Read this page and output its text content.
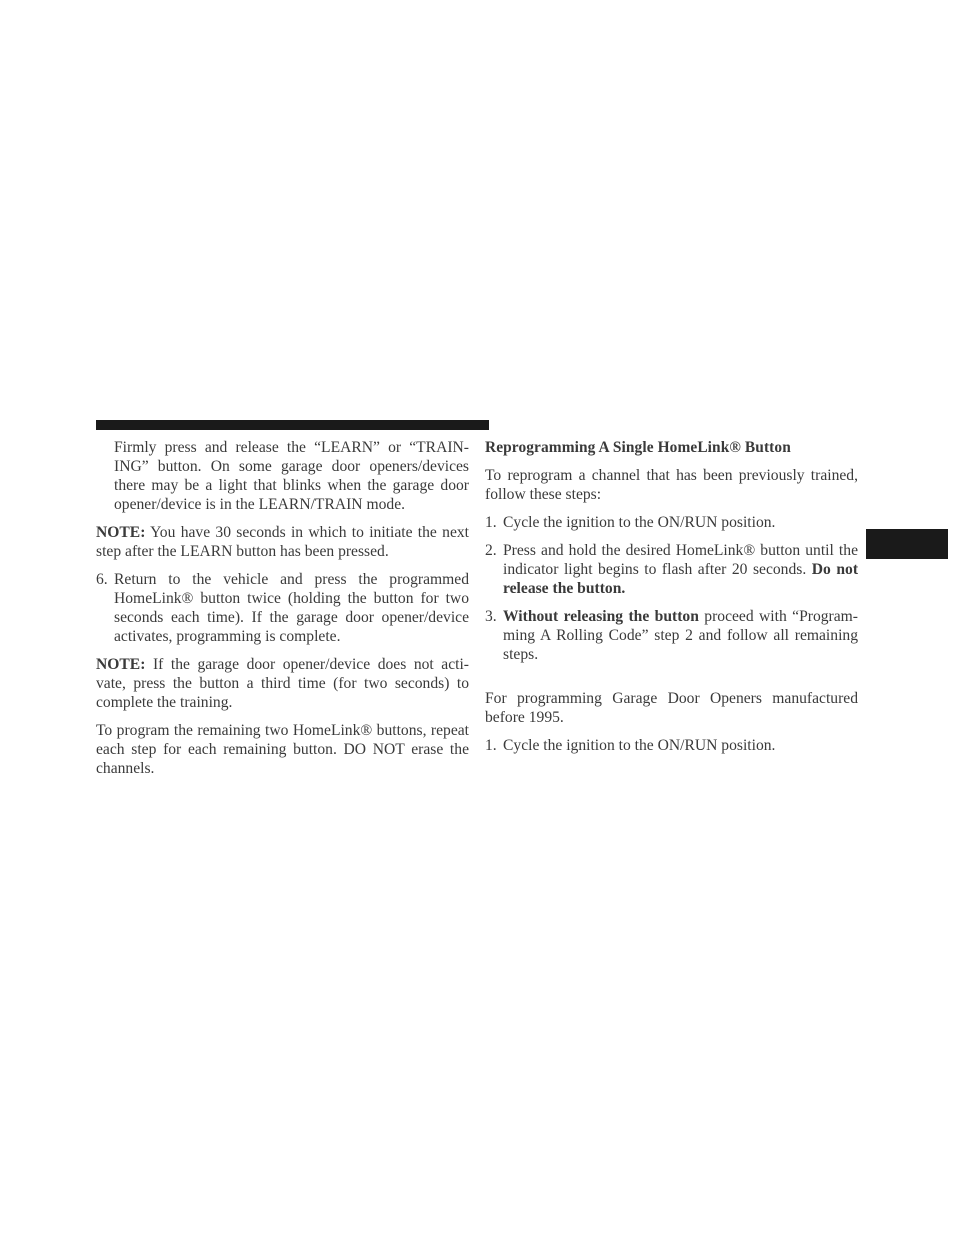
Firmly press and release the “LEARN” or “TRAIN-ING” button. On some garage door openers/devices there may be a light that blinks when the garage door opener/device is in the LEARN/TRAIN mode.

NOTE: You have 30 seconds in which to initiate the next step after the LEARN button has been pressed.

6. Return to the vehicle and press the programmed HomeLink® button twice (holding the button for two seconds each time). If the garage door opener/device activates, programming is complete.

NOTE: If the garage door opener/device does not acti-vate, press the button a third time (for two seconds) to complete the training.

To program the remaining two HomeLink® buttons, repeat each step for each remaining button. DO NOT erase the channels.

Reprogramming A Single HomeLink® Button

To reprogram a channel that has been previously trained, follow these steps:

1. Cycle the ignition to the ON/RUN position.
2. Press and hold the desired HomeLink® button until the indicator light begins to flash after 20 seconds. Do not release the button.
3. Without releasing the button proceed with “Program-ming A Rolling Code” step 2 and follow all remaining steps.

For programming Garage Door Openers manufactured before 1995.

1. Cycle the ignition to the ON/RUN position.
